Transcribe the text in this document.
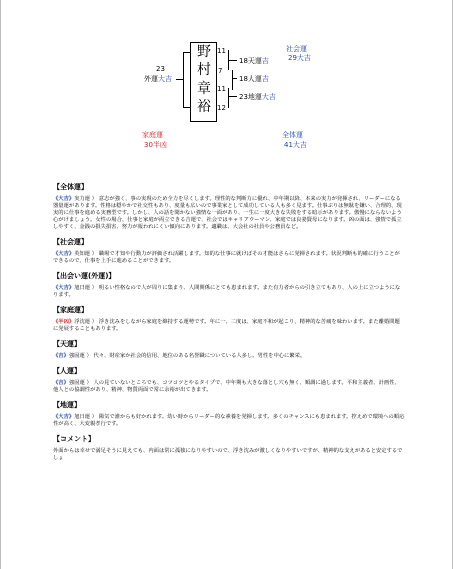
野
村
章
裕
11
7
11
12
18天運吉
18人運吉
23地運大吉
23
外運大吉
社会運
29大吉
家庭運
30半凶
全体運
41大吉
【全体運】
《大吉》実力運 ） 意志が強く、事の実現のため全力を尽くします。理性的な判断力に優れ、中年期以降、本来の実力が発揮され、リーダーになる器量運があります。性格は穏やかで社交性もあり、度量も広いので事業家として成功している人も多く見ます。仕事ぶりは無駄を嫌い、合理的、現実的に仕事を進める実務型です。しかし、人の話を聞かない強情な一面があり、一生に一度大きな失敗をする暗示があります。傲慢にならないよう心がけましょう。女性の場合、仕事と家庭が両立できる吉運で、社会ではキャリアウーマン、家庭では良妻賢母になります。凶の面は、強情で孤立しやすく、金銭の損失損害、努力が報われにくい傾向にあります。適職は、大会社の社員や公務員など。
【社会運】
《大吉》英知運 ） 職場で才知や行動力が評価され活躍します。知的な仕事に就けばその才能はさらに発揮されます。状況判断も的確に行うことができるので、仕事を上手に進めることができます。
【出会い運(外運)】
《大吉》旭日運 ） 明るい性格なので人が周りに集まり、人間関係にとても恵まれます。また有力者からの引き立てもあり、人の上に立つようになります。
【家庭運】
《半凶》浮沈運 ） 浮き沈みをしながら家庭を維持する運勢です。年に一、二度は、家庭不和が起こり、精神的な苦痛を味わいます。また離婚問題に発展することもあります。
【天運】
《吉》強固運 ） 代々、財産家か社会的信用、地位のある名誉職についている人多し。男性を中心に繁栄。
【人運】
《吉》強固運 ） 人の見ていないところでも、コツコツとやるタイプで、中年期も大きな落とし穴も無く、順調に過します。平和主義者、計画性、他人との協調性があり、精神、物質両面で常に余裕が出てきます。
【地運】
《大吉》旭日運 ） 陽気で誰からも好かれます。幼い時からリーダー的な素養を発揮します。多くのチャンスにも恵まれます。控えめで環境への順応性が高く、大変親孝行です。
【コメント】
外面からは幸せで満足そうに見えても、内面は常に孤独になりやすいので、浮き沈みが激しくなりやすいですが、精神的な支えがあると安定するでしょ
